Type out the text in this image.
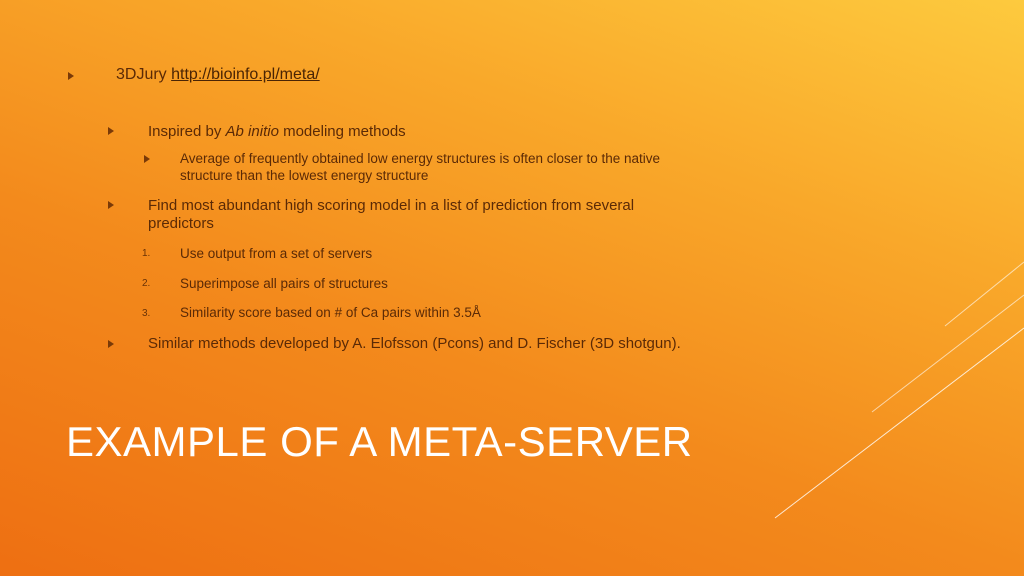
3DJury http://bioinfo.pl/meta/
Inspired by Ab initio modeling methods
Average of frequently obtained low energy structures is often closer to the native
structure than the lowest energy structure
Find most abundant high scoring model in a list of prediction from several
predictors
1. Use output from a set of servers
2. Superimpose all pairs of structures
3. Similarity score based on # of Ca pairs within 3.5Å
Similar methods developed by A. Elofsson (Pcons) and D. Fischer (3D shotgun).
EXAMPLE OF A META-SERVER
